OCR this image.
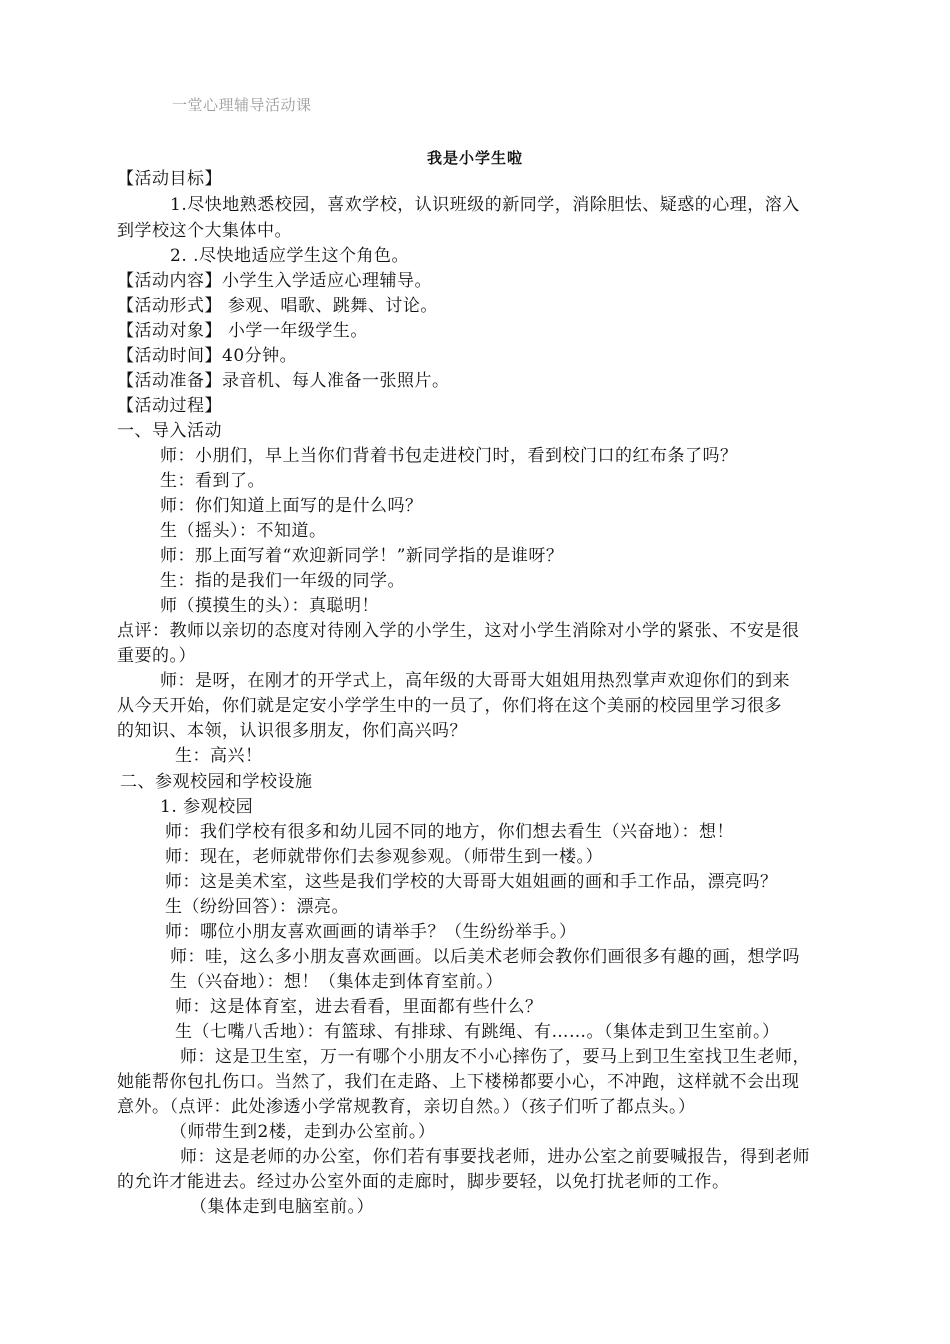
一堂心理辅导活动课
我是小学生啦
【活动目标】
1.尽快地熟悉校园，喜欢学校，认识班级的新同学，消除胆怯、疑惑的心理，溶入
到学校这个大集体中。
2. .尽快地适应学生这个角色。
【活动内容】小学生入学适应心理辅导。
【活动形式】 参观、唱歌、跳舞、讨论。
【活动对象】 小学一年级学生。
【活动时间】40分钟。
【活动准备】录音机、每人准备一张照片。
【活动过程】
一、导入活动
师：小朋们，早上当你们背着书包走进校门时，看到校门口的红布条了吗？
生：看到了。
师：你们知道上面写的是什么吗？
生（摇头）：不知道。
师：那上面写着“欢迎新同学！”新同学指的是谁呀？
生：指的是我们一年级的同学。
师（摸摸生的头）：真聪明！
点评：教师以亲切的态度对待刚入学的小学生，这对小学生消除对小学的紧张、不安是很
重要的。）
师：是呀，在刚才的开学式上，高年级的大哥哥大姐姐用热烈掌声欢迎你们的到来
从今天开始，你们就是定安小学学生中的一员了，你们将在这个美丽的校园里学习很多
的知识、本领，认识很多朋友，你们高兴吗？
生：高兴！
二、参观校园和学校设施
1. 参观校园
师：我们学校有很多和幼儿园不同的地方，你们想去看生（兴奋地）：想！
师：现在，老师就带你们去参观参观。（师带生到一楼。）
师：这是美术室，这些是我们学校的大哥哥大姐姐画的画和手工作品，漂亮吗？
生（纷纷回答）：漂亮。
师：哪位小朋友喜欢画画的请举手？（生纷纷举手。）
师：哇，这么多小朋友喜欢画画。以后美术老师会教你们画很多有趣的画，想学吗
生（兴奋地）：想！（集体走到体育室前。）
师：这是体育室，进去看看，里面都有些什么？
生（七嘴八舌地）：有篮球、有排球、有跳绳、有……。（集体走到卫生室前。）
师：这是卫生室，万一有哪个小朋友不小心摔伤了，要马上到卫生室找卫生老师，
她能帮你包扎伤口。当然了，我们在走路、上下楼梯都要小心，不冲跑，这样就不会出现
意外。（点评：此处渗透小学常规教育，亲切自然。）（孩子们听了都点头。）
（师带生到2楼，走到办公室前。）
师：这是老师的办公室，你们若有事要找老师，进办公室之前要喊报告，得到老师
的允许才能进去。经过办公室外面的走廊时，脚步要轻，以免打扰老师的工作。
（集体走到电脑室前。）
